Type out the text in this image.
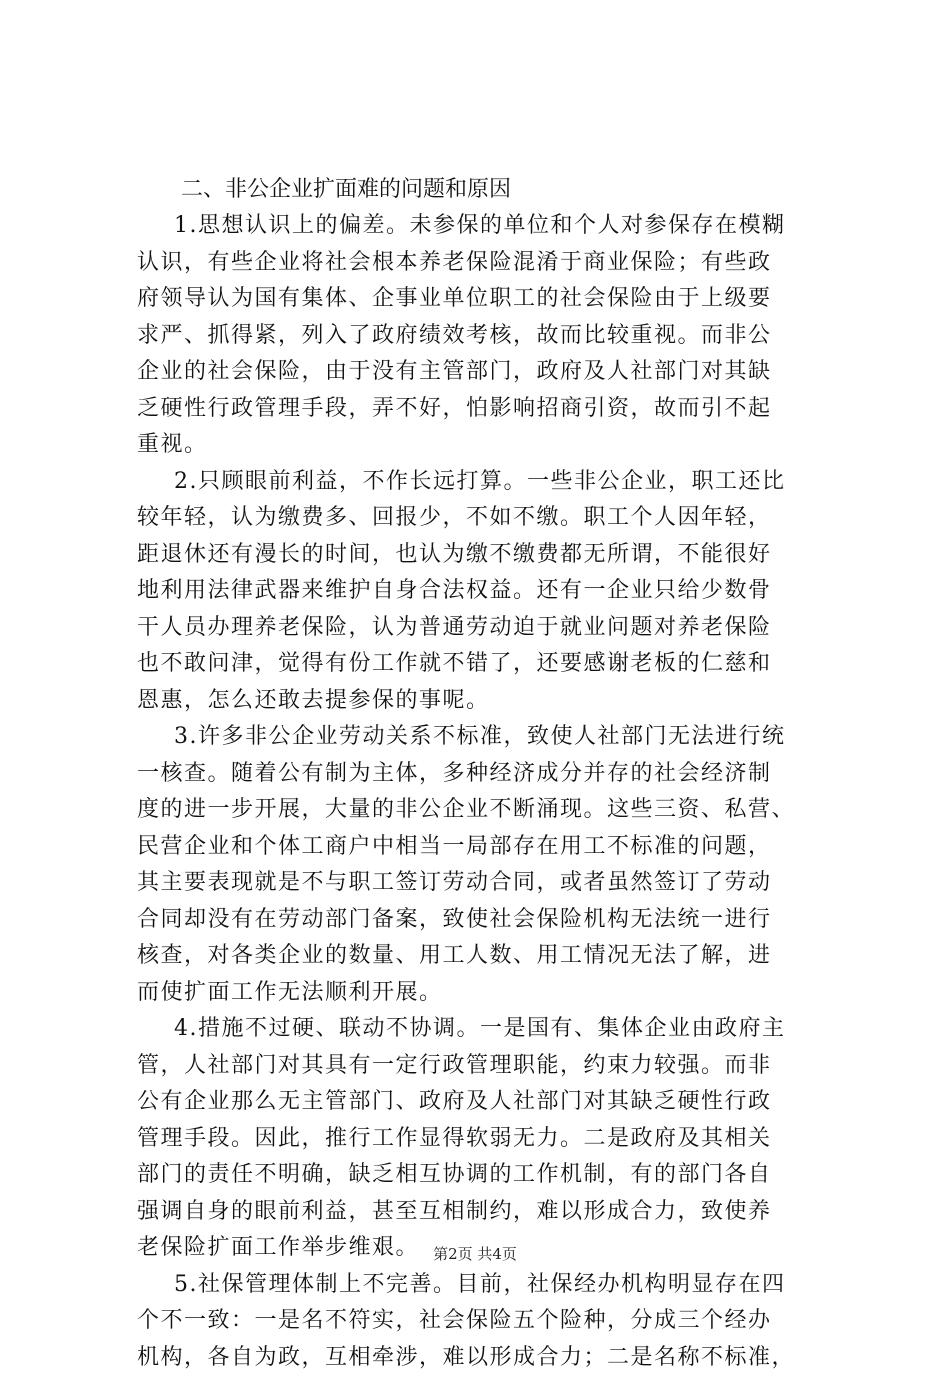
二、非公企业扩面难的问题和原因
1.思想认识上的偏差。未参保的单位和个人对参保存在模糊
认识，有些企业将社会根本养老保险混淆于商业保险；有些政
府领导认为国有集体、企事业单位职工的社会保险由于上级要
求严、抓得紧，列入了政府绩效考核，故而比较重视。而非公
企业的社会保险，由于没有主管部门，政府及人社部门对其缺
乏硬性行政管理手段，弄不好，怕影响招商引资，故而引不起
重视。
2.只顾眼前利益，不作长远打算。一些非公企业，职工还比
较年轻，认为缴费多、回报少，不如不缴。职工个人因年轻，
距退休还有漫长的时间，也认为缴不缴费都无所谓，不能很好
地利用法律武器来维护自身合法权益。还有一企业只给少数骨
干人员办理养老保险，认为普通劳动迫于就业问题对养老保险
也不敢问津，觉得有份工作就不错了，还要感谢老板的仁慈和
恩惠，怎么还敢去提参保的事呢。
3.许多非公企业劳动关系不标准，致使人社部门无法进行统
一核查。随着公有制为主体，多种经济成分并存的社会经济制
度的进一步开展，大量的非公企业不断涌现。这些三资、私营、
民营企业和个体工商户中相当一局部存在用工不标准的问题，
其主要表现就是不与职工签订劳动合同，或者虽然签订了劳动
合同却没有在劳动部门备案，致使社会保险机构无法统一进行
核查，对各类企业的数量、用工人数、用工情况无法了解，进
而使扩面工作无法顺利开展。
4.措施不过硬、联动不协调。一是国有、集体企业由政府主
管，人社部门对其具有一定行政管理职能，约束力较强。而非
公有企业那么无主管部门、政府及人社部门对其缺乏硬性行政
管理手段。因此，推行工作显得软弱无力。二是政府及其相关
部门的责任不明确，缺乏相互协调的工作机制，有的部门各自
强调自身的眼前利益，甚至互相制约，难以形成合力，致使养
老保险扩面工作举步维艰。
5.社保管理体制上不完善。目前，社保经办机构明显存在四
个不一致：一是名不符实，社会保险五个险种，分成三个经办
机构，各自为政，互相牵涉，难以形成合力；二是名称不标准，
第2页 共4页
